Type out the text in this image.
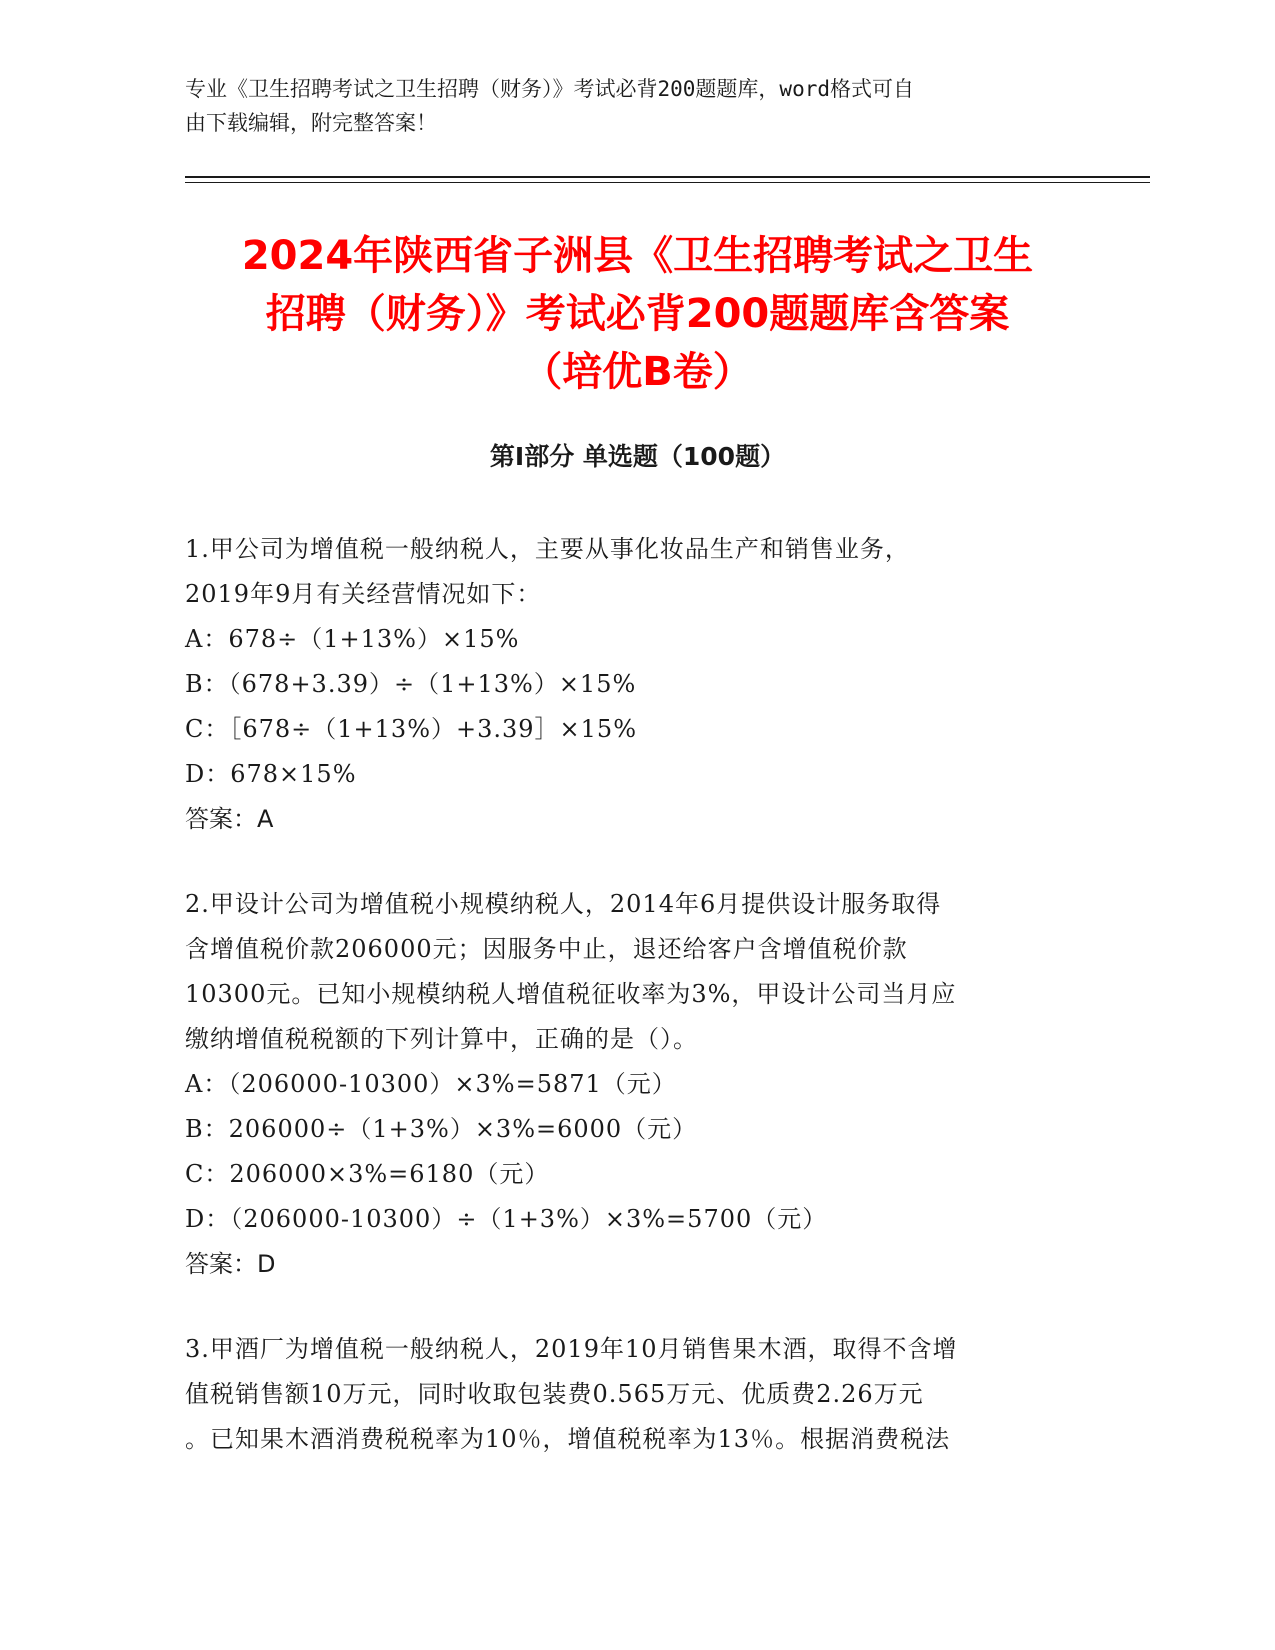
专业《卫生招聘考试之卫生招聘（财务）》考试必背200题题库，word格式可自
由下载编辑，附完整答案！
2024年陕西省子洲县《卫生招聘考试之卫生
招聘（财务）》考试必背200题题库含答案
（培优B卷）
第Ⅰ部分 单选题（100题）
1.甲公司为增值税一般纳税人，主要从事化妆品生产和销售业务，
2019年9月有关经营情况如下：
A：678÷（1+13%）×15%
B：（678+3.39）÷（1+13%）×15%
C：［678÷（1+13%）+3.39］×15%
D：678×15%
答案：A
2.甲设计公司为增值税小规模纳税人，2014年6月提供设计服务取得
含增值税价款206000元；因服务中止，退还给客户含增值税价款
10300元。已知小规模纳税人增值税征收率为3%，甲设计公司当月应
缴纳增值税税额的下列计算中，正确的是（）。
A：（206000-10300）×3%=5871（元）
B：206000÷（1+3%）×3%=6000（元）
C：206000×3%=6180（元）
D：（206000-10300）÷（1+3%）×3%=5700（元）
答案：D
3.甲酒厂为增值税一般纳税人，2019年10月销售果木酒，取得不含增
值税销售额10万元，同时收取包装费0.565万元、优质费2.26万元
。已知果木酒消费税税率为10％，增值税税率为13％。根据消费税法
